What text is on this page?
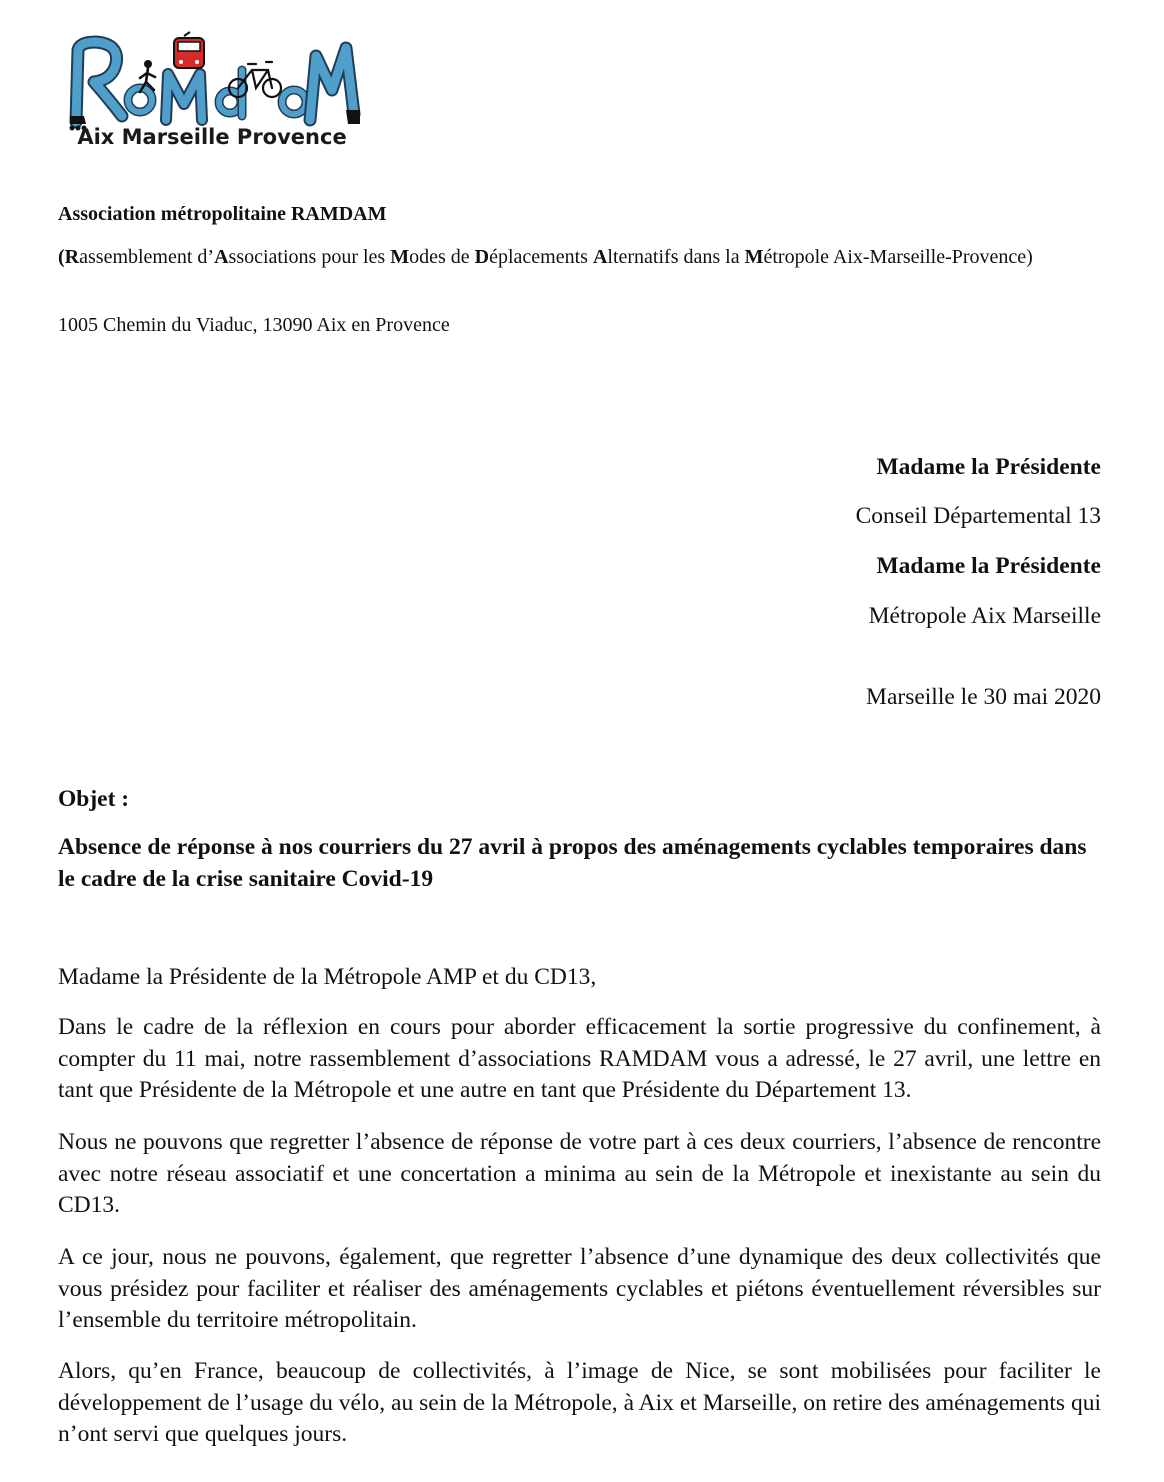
Aix Marseille Provence
Association métropolitaine RAMDAM
(Rassemblement d’Associations pour les Modes de Déplacements Alternatifs dans la Métropole Aix-Marseille-Provence)
1005 Chemin du Viaduc, 13090 Aix en Provence
Madame la Présidente
Conseil Départemental 13
Madame la Présidente
Métropole Aix Marseille
Marseille le 30 mai 2020
Objet :
Absence de réponse à nos courriers du 27 avril à propos des aménagements cyclables temporaires dans le cadre de la crise sanitaire Covid-19
Madame la Présidente de la Métropole AMP et du CD13,
Dans le cadre de la réflexion en cours pour aborder efficacement la sortie progressive du confinement, à compter du 11 mai, notre rassemblement d’associations RAMDAM vous a adressé, le 27 avril, une lettre en tant que Présidente de la Métropole et une autre en tant que Présidente du Département 13.
Nous ne pouvons que regretter l’absence de réponse de votre part à ces deux courriers, l’absence de rencontre avec notre réseau associatif et une concertation a minima au sein de la Métropole et inexistante au sein du CD13.
A ce jour, nous ne pouvons, également, que regretter l’absence d’une dynamique des deux collectivités que vous présidez pour faciliter et réaliser des aménagements cyclables et piétons éventuellement réversibles sur l’ensemble du territoire métropolitain.
Alors, qu’en France, beaucoup de collectivités, à l’image de Nice, se sont mobilisées pour faciliter le développement de l’usage du vélo, au sein de la Métropole, à Aix et Marseille, on retire des aménagements qui n’ont servi que quelques jours.
